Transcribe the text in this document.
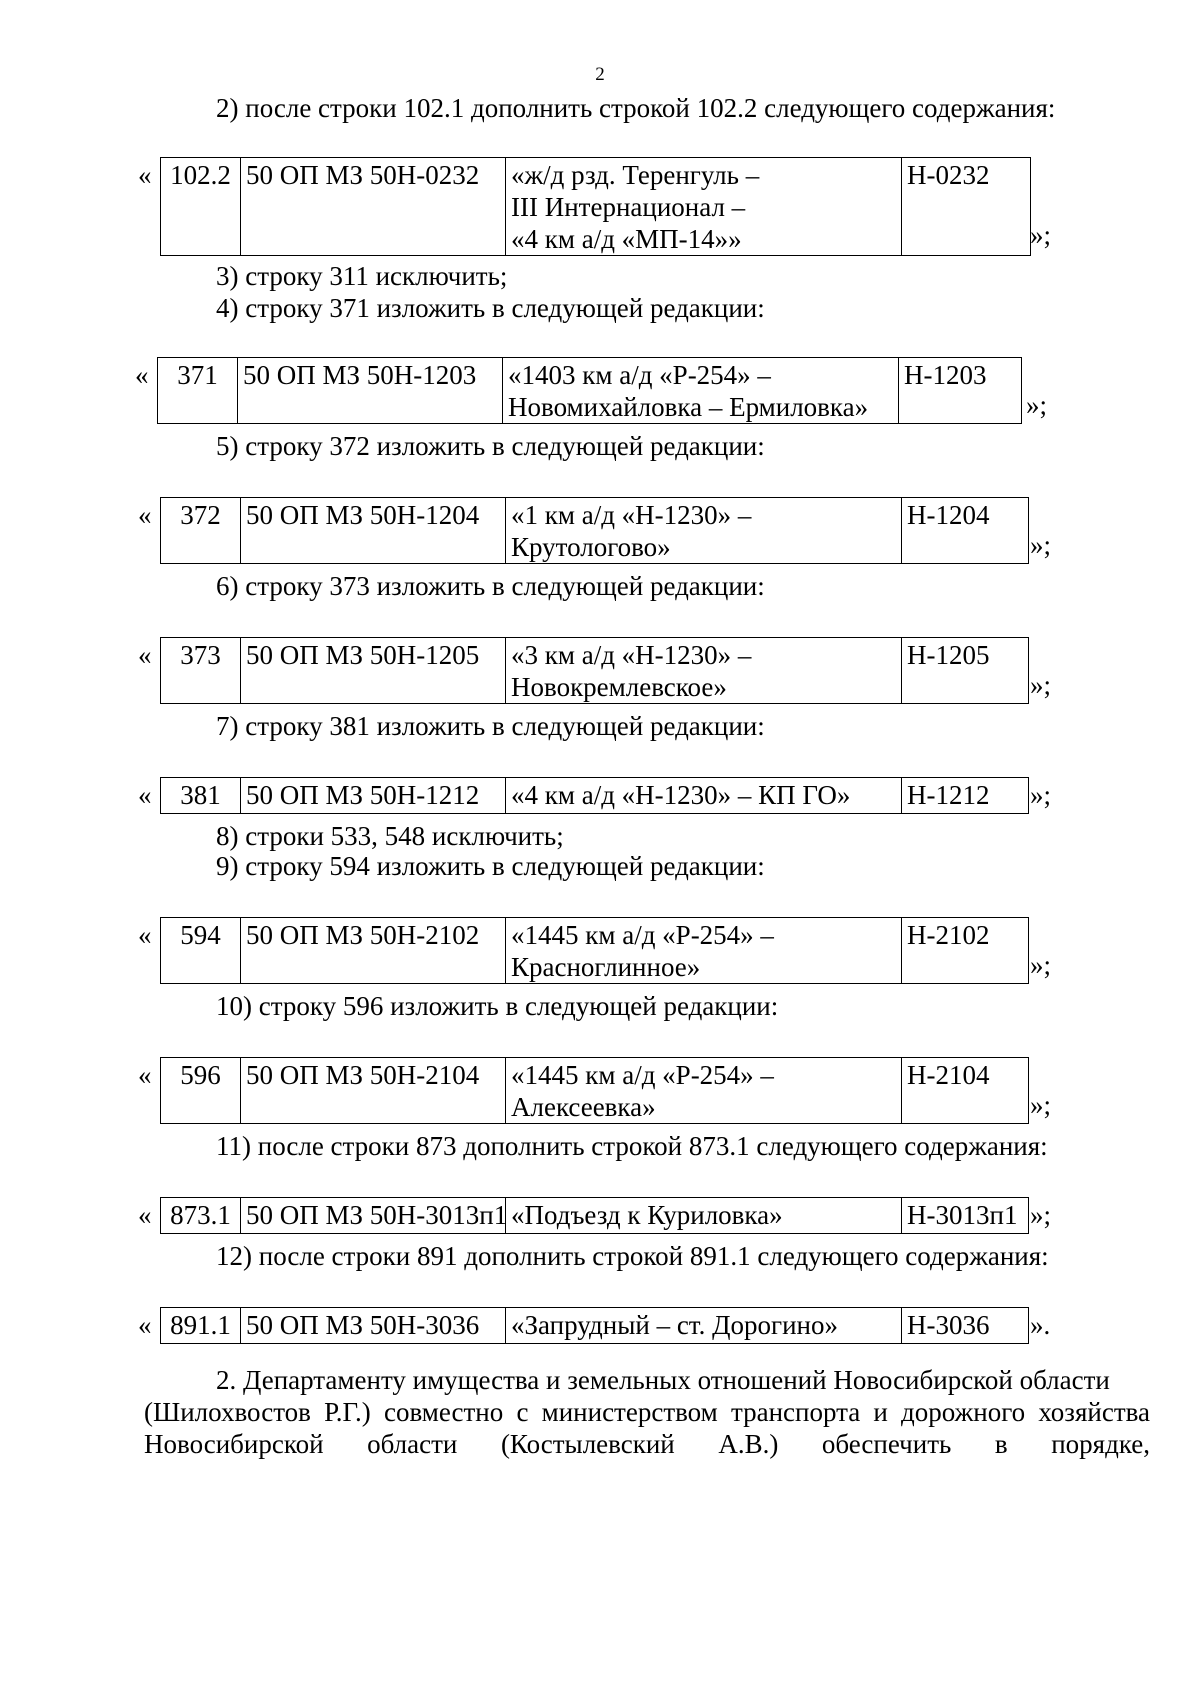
2
2) после строки 102.1 дополнить строкой 102.2 следующего содержания:
« 102.2	50 ОП МЗ 50Н-0232	«ж/д рзд. Теренгуль –
III Интернационал –
«4 км а/д «МП-14»»
	Н-0232
»;
3) строку 311 исключить;
4) строку 371 изложить в следующей редакции:
« 371	50 ОП МЗ 50Н-1203	«1403 км а/д «Р-254» –
Новомихайловка – Ермиловка»
	Н-1203
»;
5) строку 372 изложить в следующей редакции:
« 372	50 ОП МЗ 50Н-1204	«1 км а/д «Н-1230» –
Крутологово»
	Н-1204
»;
6) строку 373 изложить в следующей редакции:
« 373	50 ОП МЗ 50Н-1205	«3 км а/д «Н-1230» –
Новокремлевское»
	Н-1205
»;
7) строку 381 изложить в следующей редакции:
« 381	50 ОП МЗ 50Н-1212	«4 км а/д «Н-1230» – КП ГО»	Н-1212 »;
8) строки 533, 548 исключить;
9) строку 594 изложить в следующей редакции:
« 594	50 ОП МЗ 50Н-2102	«1445 км а/д «Р-254» –
Красноглинное»
	Н-2102
»;
10) строку 596 изложить в следующей редакции:
« 596	50 ОП МЗ 50Н-2104	«1445 км а/д «Р-254» –
Алексеевка»
	Н-2104
»;
11) после строки 873 дополнить строкой 873.1 следующего содержания:
« 873.1	50 ОП МЗ 50Н-3013п1	«Подъезд к Куриловка»	Н-3013п1 »;
12) после строки 891 дополнить строкой 891.1 следующего содержания:
« 891.1	50 ОП МЗ 50Н-3036	«Запрудный – ст. Дорогино»	Н-3036 ».
2. Департаменту имущества и земельных отношений Новосибирской области
(Шилохвостов Р.Г.) совместно с министерством транспорта и дорожного хозяйства
Новосибирской области (Костылевский А.В.) обеспечить в порядке,
